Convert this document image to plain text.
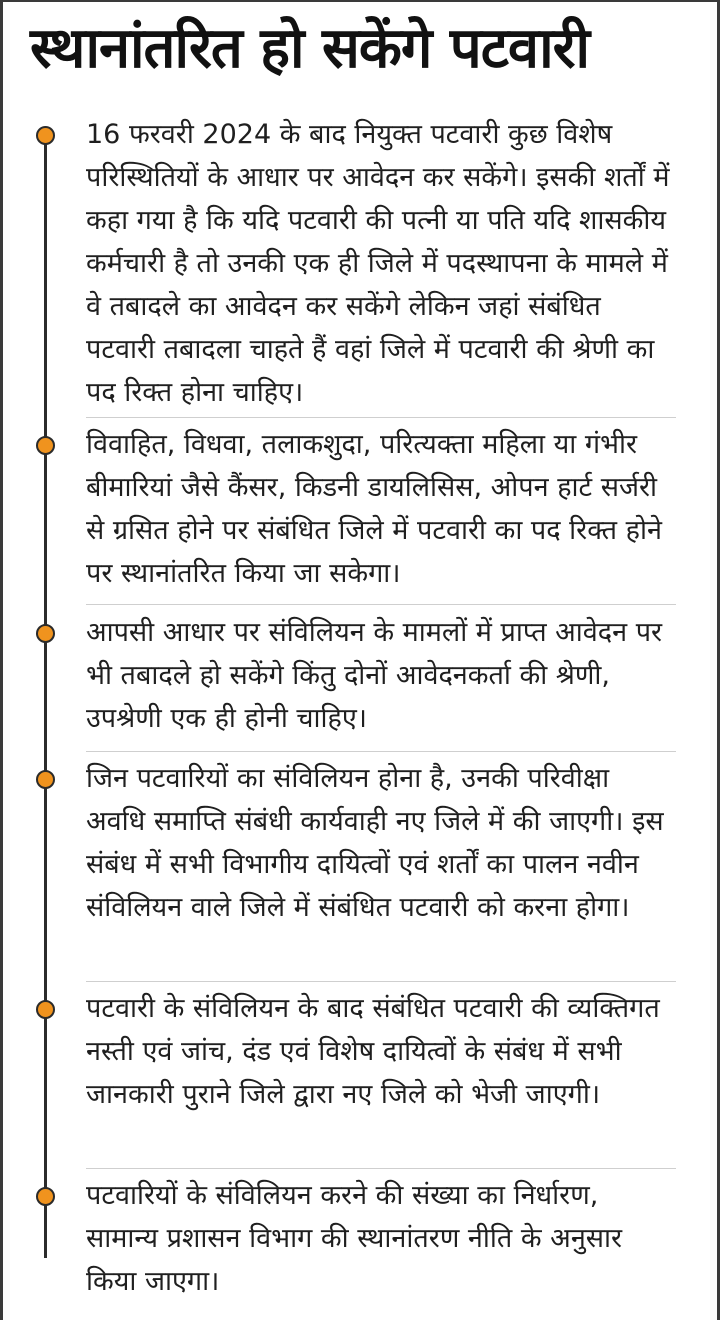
स्थानांतरित हो सकेंगे पटवारी
16 फरवरी 2024 के बाद नियुक्त पटवारी कुछ विशेष परिस्थितियों के आधार पर आवेदन कर सकेंगे। इसकी शर्तों में कहा गया है कि यदि पटवारी की पत्नी या पति यदि शासकीय कर्मचारी है तो उनकी एक ही जिले में पदस्थापना के मामले में वे तबादले का आवेदन कर सकेंगे लेकिन जहां संबंधित पटवारी तबादला चाहते हैं वहां जिले में पटवारी की श्रेणी का पद रिक्त होना चाहिए।
विवाहित, विधवा, तलाकशुदा, परित्यक्ता महिला या गंभीर बीमारियां जैसे कैंसर, किडनी डायलिसिस, ओपन हार्ट सर्जरी से ग्रसित होने पर संबंधित जिले में पटवारी का पद रिक्त होने पर स्थानांतरित किया जा सकेगा।
आपसी आधार पर संविलियन के मामलों में प्राप्त आवेदन पर भी तबादले हो सकेंगे किंतु दोनों आवेदनकर्ता की श्रेणी, उपश्रेणी एक ही होनी चाहिए।
जिन पटवारियों का संविलियन होना है, उनकी परिवीक्षा अवधि समाप्ति संबंधी कार्यवाही नए जिले में की जाएगी। इस संबंध में सभी विभागीय दायित्वों एवं शर्तों का पालन नवीन संविलियन वाले जिले में संबंधित पटवारी को करना होगा।
पटवारी के संविलियन के बाद संबंधित पटवारी की व्यक्तिगत नस्ती एवं जांच, दंड एवं विशेष दायित्वों के संबंध में सभी जानकारी पुराने जिले द्वारा नए जिले को भेजी जाएगी।
पटवारियों के संविलियन करने की संख्या का निर्धारण, सामान्य प्रशासन विभाग की स्थानांतरण नीति के अनुसार किया जाएगा।
